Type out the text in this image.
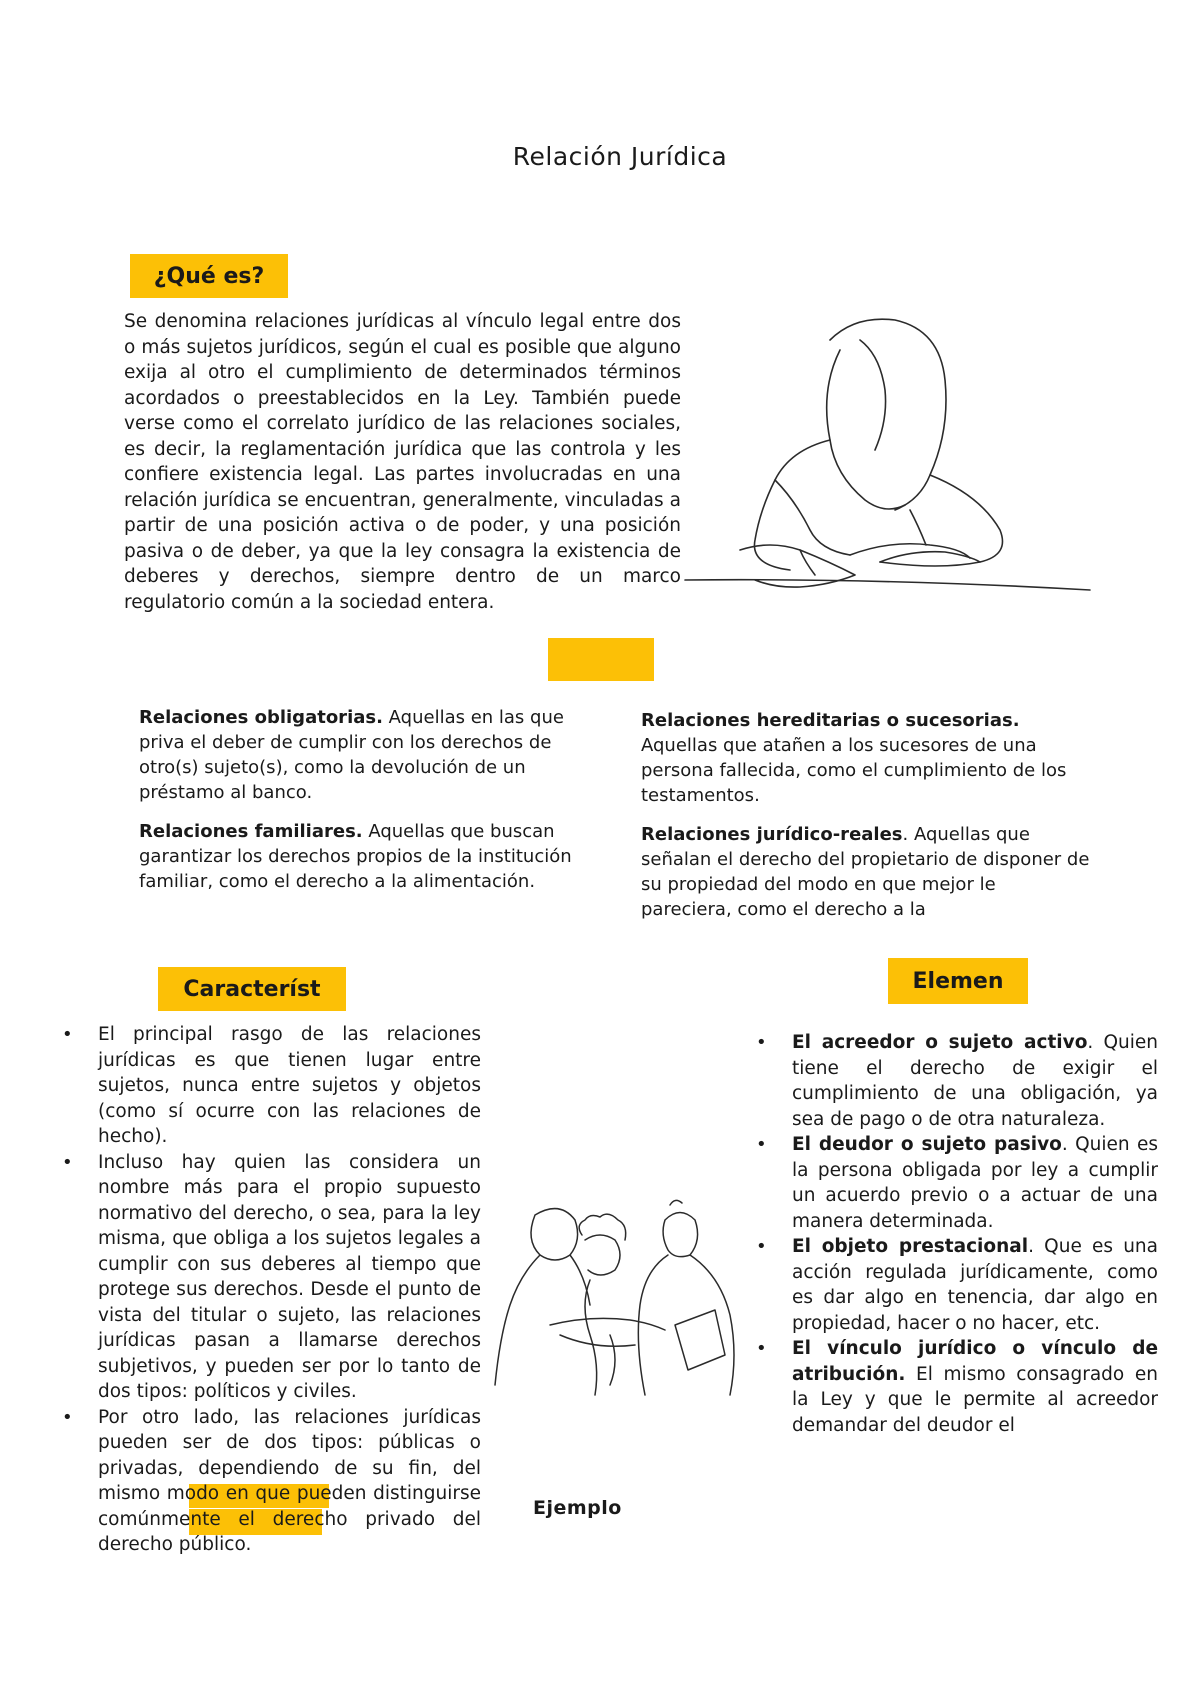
Relación Jurídica
¿Qué es?
Se denomina relaciones jurídicas al vínculo legal entre dos o más sujetos jurídicos, según el cual es posible que alguno exija al otro el cumplimiento de determinados términos acordados o preestablecidos en la Ley. También puede verse como el correlato jurídico de las relaciones sociales, es decir, la reglamentación jurídica que las controla y les confiere existencia legal. Las partes involucradas en una relación jurídica se encuentran, generalmente, vinculadas a partir de una posición activa o de poder, y una posición pasiva o de deber, ya que la ley consagra la existencia de deberes y derechos, siempre dentro de un marco regulatorio común a la sociedad entera.

Relaciones obligatorias. Aquellas en las que priva el deber de cumplir con los derechos de otro(s) sujeto(s), como la devolución de un préstamo al banco.

Relaciones familiares. Aquellas que buscan garantizar los derechos propios de la institución familiar, como el derecho a la alimentación.

Relaciones hereditarias o sucesorias. Aquellas que atañen a los sucesores de una persona fallecida, como el cumplimiento de los testamentos.

Relaciones jurídico-reales. Aquellas que señalan el derecho del propietario de disponer de su propiedad del modo en que mejor le pareciera, como el derecho a la

Característ	Elemen
• El principal rasgo de las relaciones jurídicas es que tienen lugar entre sujetos, nunca entre sujetos y objetos (como sí ocurre con las relaciones de hecho).
• Incluso hay quien las considera un nombre más para el propio supuesto normativo del derecho, o sea, para la ley misma, que obliga a los sujetos legales a cumplir con sus deberes al tiempo que protege sus derechos. Desde el punto de vista del titular o sujeto, las relaciones jurídicas pasan a llamarse derechos subjetivos, y pueden ser por lo tanto de dos tipos: políticos y civiles.
• Por otro lado, las relaciones jurídicas pueden ser de dos tipos: públicas o privadas, dependiendo de su fin, del mismo modo en que pueden distinguirse comúnmente el derecho privado del derecho público.
Ejemplo
• El acreedor o sujeto activo. Quien tiene el derecho de exigir el cumplimiento de una obligación, ya sea de pago o de otra naturaleza.
• El deudor o sujeto pasivo. Quien es la persona obligada por ley a cumplir un acuerdo previo o a actuar de una manera determinada.
• El objeto prestacional. Que es una acción regulada jurídicamente, como es dar algo en tenencia, dar algo en propiedad, hacer o no hacer, etc.
• El vínculo jurídico o vínculo de atribución. El mismo consagrado en la Ley y que le permite al acreedor demandar del deudor el
